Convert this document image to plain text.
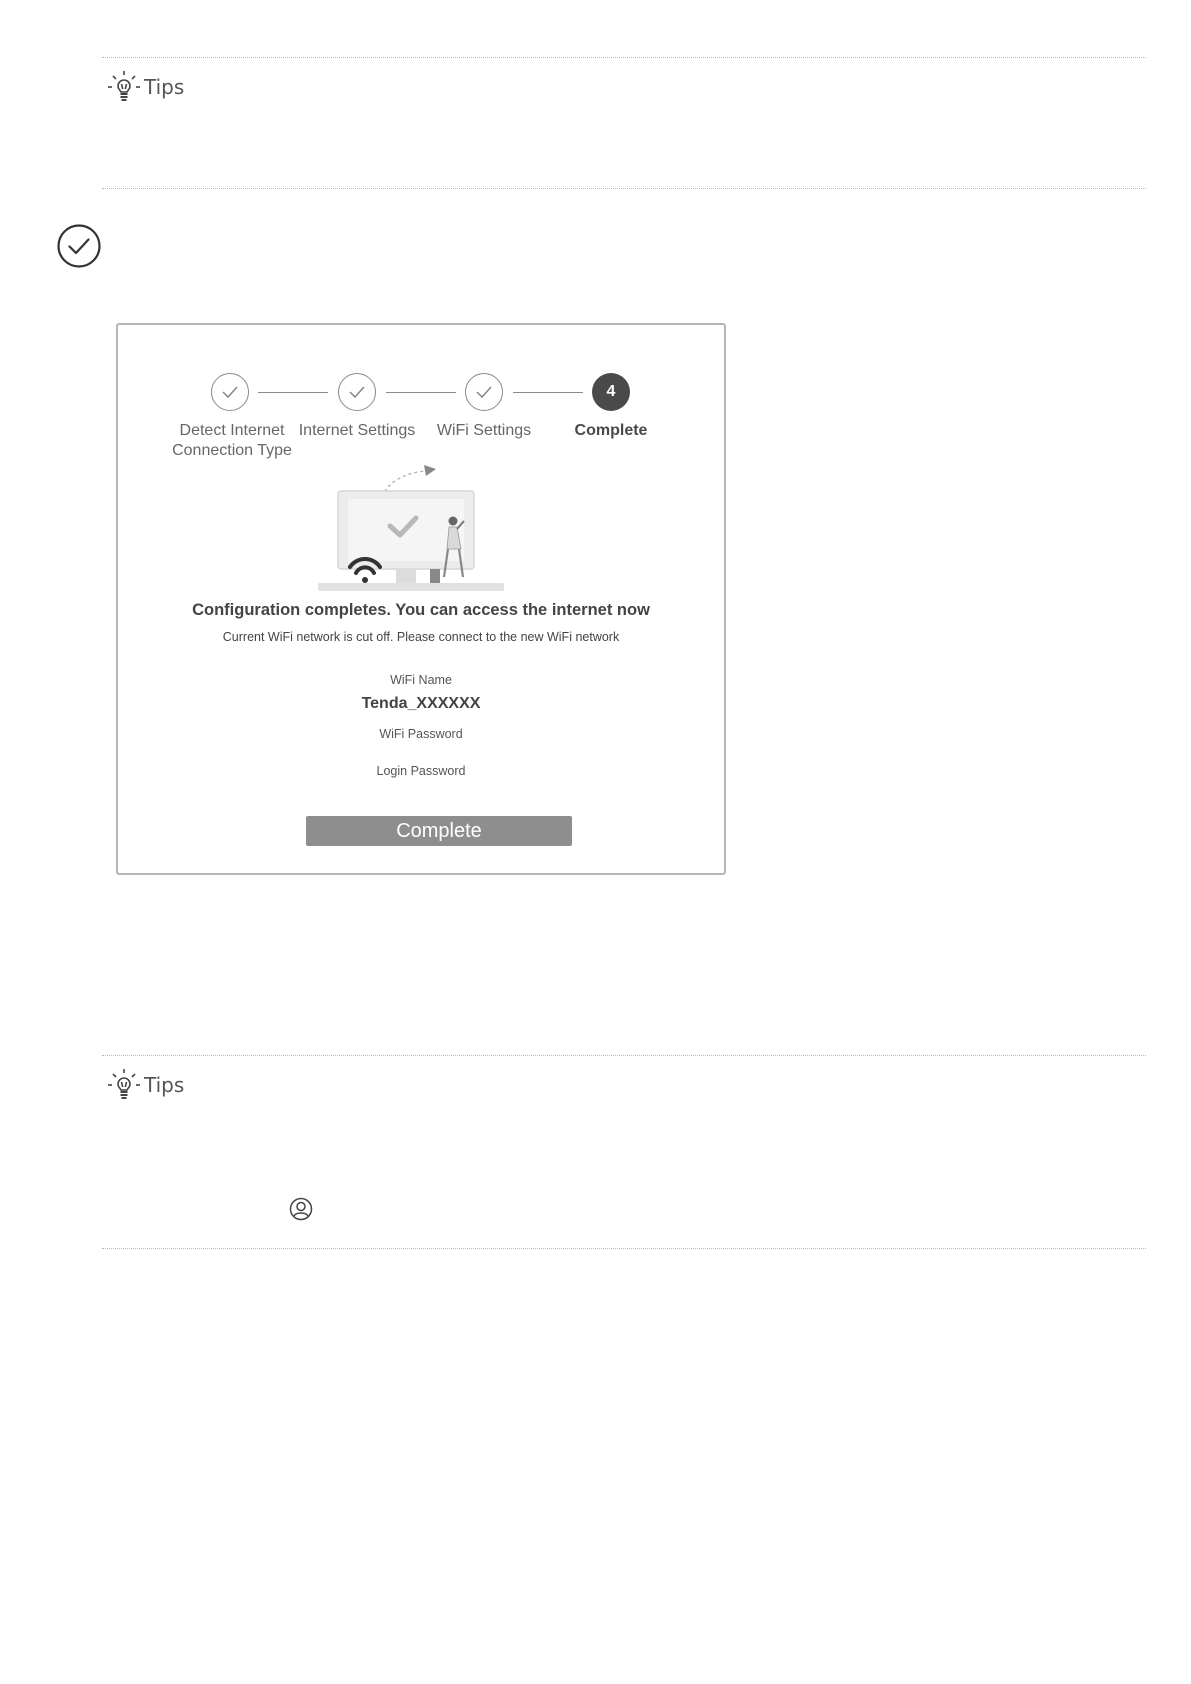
Tips
4
Detect Internet
Connection Type
Internet Settings	WiFi Settings	Complete
Configuration completes. You can access the internet now
Current WiFi network is cut off. Please connect to the new WiFi network
WiFi Name
Tenda_XXXXXX
WiFi Password
Login Password
Complete
Tips
